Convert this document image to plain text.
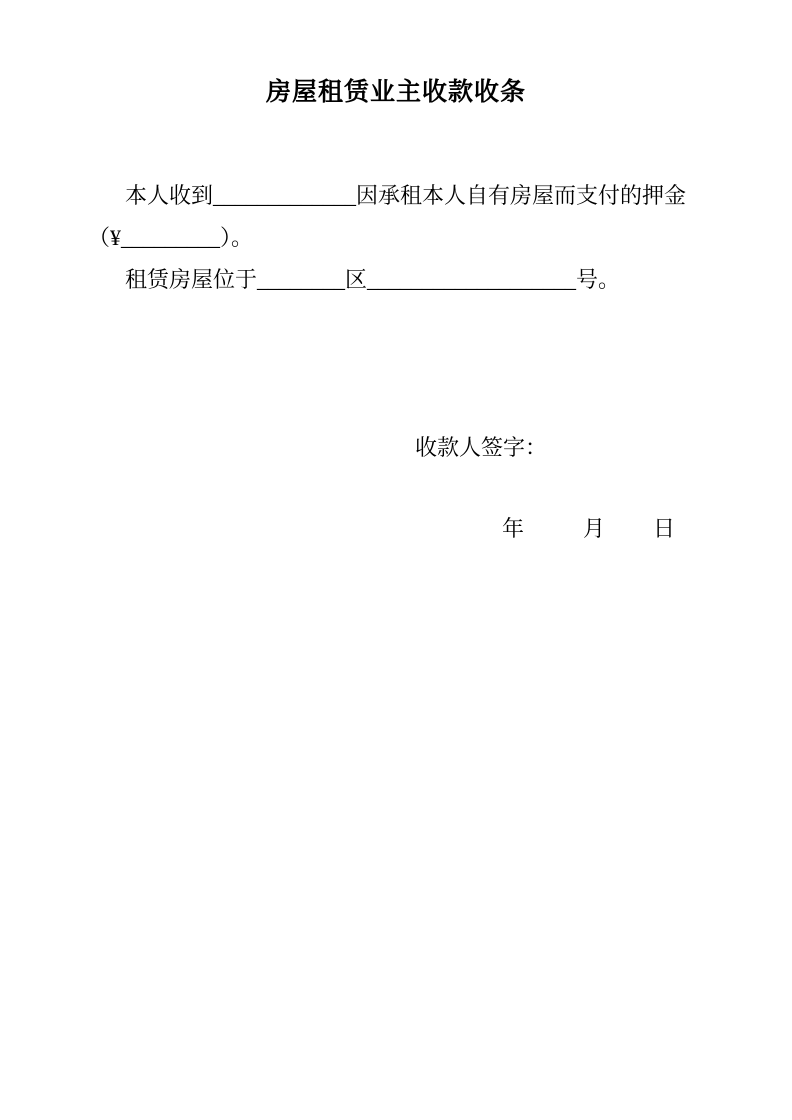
房屋租赁业主收款收条
本人收到_____________因承租本人自有房屋而支付的押金
（¥_________）。
租赁房屋位于________区___________________号。
收款人签字：
年	月 日
